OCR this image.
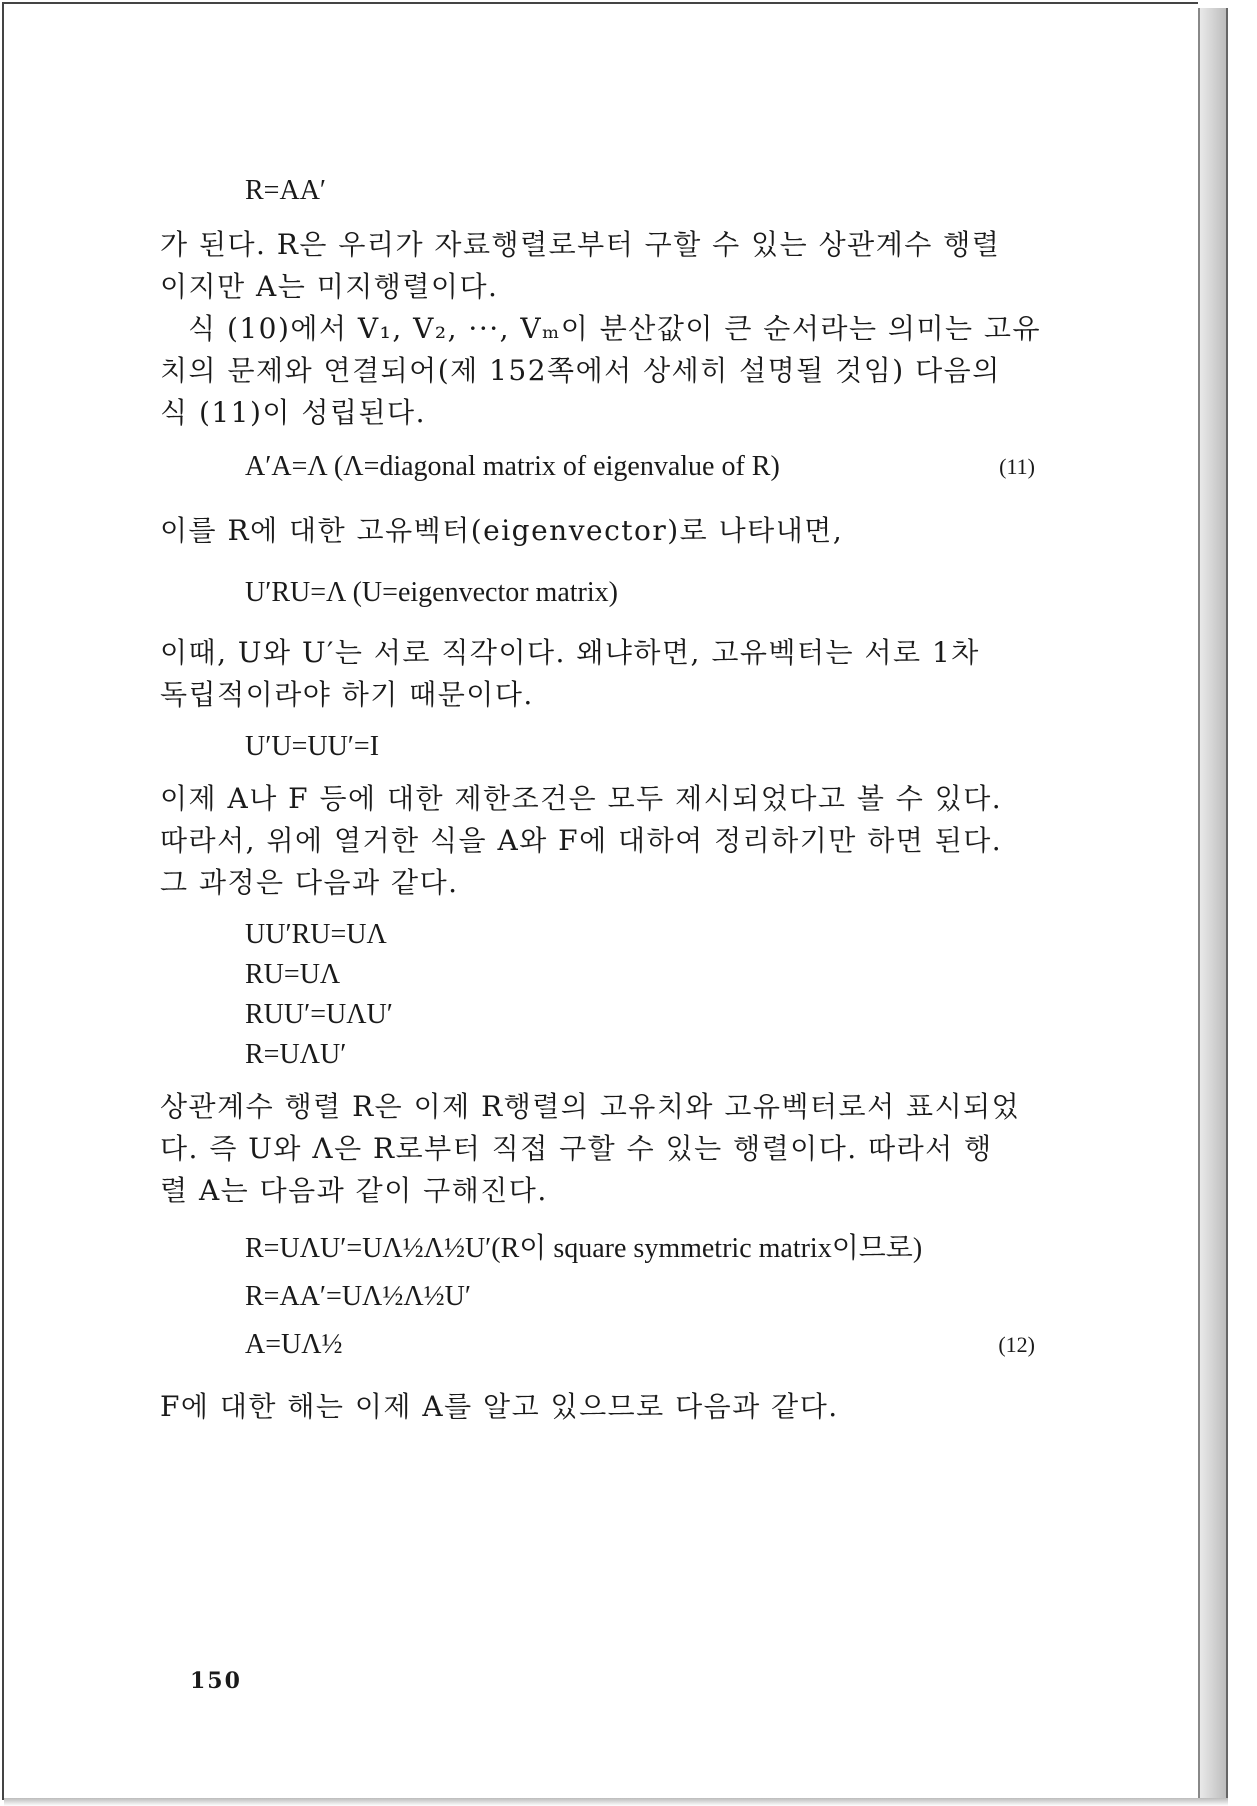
R=AA′
가 된다. R은 우리가 자료행렬로부터 구할 수 있는 상관계수 행렬
이지만 A는 미지행렬이다.
식 (10)에서 V₁, V₂, ···, Vₘ이 분산값이 큰 순서라는 의미는 고유
치의 문제와 연결되어(제 152쪽에서 상세히 설명될 것임) 다음의
식 (11)이 성립된다.
A′A=Λ (Λ=diagonal matrix of eigenvalue of R)	(11)
이를 R에 대한 고유벡터(eigenvector)로 나타내면,
U′RU=Λ (U=eigenvector matrix)
이때, U와 U′는 서로 직각이다. 왜냐하면, 고유벡터는 서로 1차
독립적이라야 하기 때문이다.
U′U=UU′=I
이제 A나 F 등에 대한 제한조건은 모두 제시되었다고 볼 수 있다.
따라서, 위에 열거한 식을 A와 F에 대하여 정리하기만 하면 된다.
그 과정은 다음과 같다.
UU′RU=UΛ
RU=UΛ
RUU′=UΛU′
R=UΛU′
상관계수 행렬 R은 이제 R행렬의 고유치와 고유벡터로서 표시되었
다. 즉 U와 Λ은 R로부터 직접 구할 수 있는 행렬이다. 따라서 행
렬 A는 다음과 같이 구해진다.
R=UΛU′=UΛ½Λ½U′(R이 square symmetric matrix이므로)
R=AA′=UΛ½Λ½U′
A=UΛ½	(12)
F에 대한 해는 이제 A를 알고 있으므로 다음과 같다.
150
